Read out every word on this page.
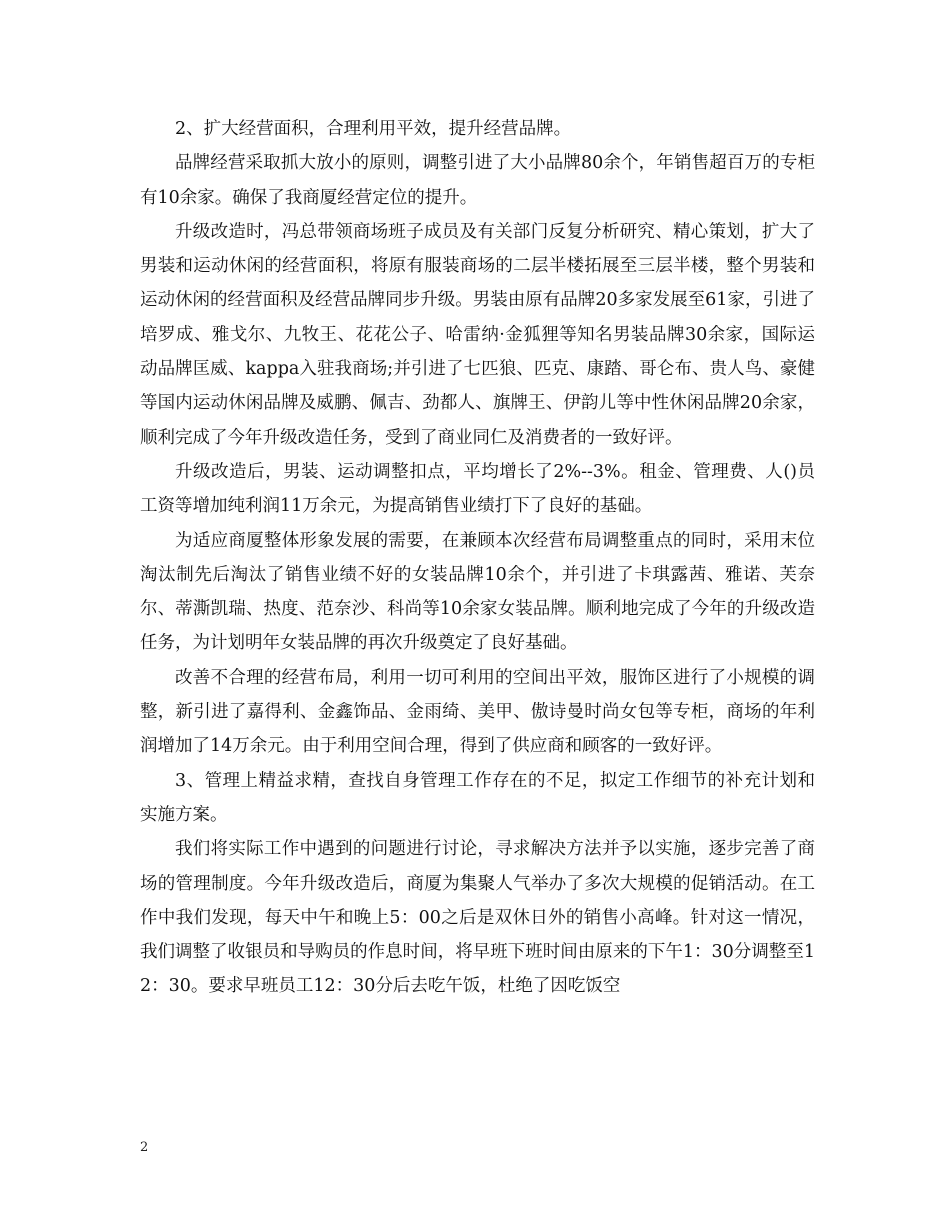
2、扩大经营面积，合理利用平效，提升经营品牌。

品牌经营采取抓大放小的原则，调整引进了大小品牌80余个，年销售超百万的专柜有10余家。确保了我商厦经营定位的提升。

升级改造时，冯总带领商场班子成员及有关部门反复分析研究、精心策划，扩大了男装和运动休闲的经营面积，将原有服装商场的二层半楼拓展至三层半楼，整个男装和运动休闲的经营面积及经营品牌同步升级。男装由原有品牌20多家发展至61家，引进了培罗成、雅戈尔、九牧王、花花公子、哈雷纳·金狐狸等知名男装品牌30余家，国际运动品牌匡威、kappa入驻我商场;并引进了七匹狼、匹克、康踏、哥仑布、贵人鸟、豪健等国内运动休闲品牌及威鹏、佩吉、劲都人、旗牌王、伊韵儿等中性休闲品牌20余家，顺利完成了今年升级改造任务，受到了商业同仁及消费者的一致好评。

升级改造后，男装、运动调整扣点，平均增长了2%--3%。租金、管理费、人()员工资等增加纯利润11万余元，为提高销售业绩打下了良好的基础。

为适应商厦整体形象发展的需要，在兼顾本次经营布局调整重点的同时，采用末位淘汰制先后淘汰了销售业绩不好的女装品牌10余个，并引进了卡琪露茜、雅诺、芙奈尔、蒂澌凯瑞、热度、范奈沙、科尚等10余家女装品牌。顺利地完成了今年的升级改造任务，为计划明年女装品牌的再次升级奠定了良好基础。

改善不合理的经营布局，利用一切可利用的空间出平效，服饰区进行了小规模的调整，新引进了嘉得利、金鑫饰品、金雨绮、美甲、傲诗曼时尚女包等专柜，商场的年利润增加了14万余元。由于利用空间合理，得到了供应商和顾客的一致好评。

3、管理上精益求精，查找自身管理工作存在的不足，拟定工作细节的补充计划和实施方案。

我们将实际工作中遇到的问题进行讨论，寻求解决方法并予以实施，逐步完善了商场的管理制度。今年升级改造后，商厦为集聚人气举办了多次大规模的促销活动。在工作中我们发现，每天中午和晚上5：00之后是双休日外的销售小高峰。针对这一情况，我们调整了收银员和导购员的作息时间，将早班下班时间由原来的下午1：30分调整至12：30。要求早班员工12：30分后去吃午饭，杜绝了因吃饭空

2
